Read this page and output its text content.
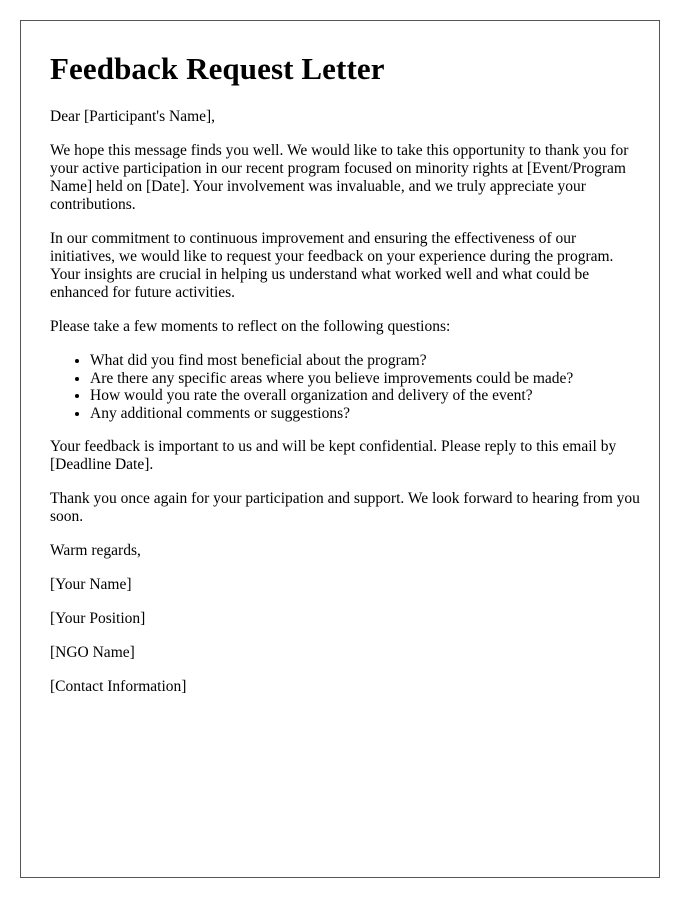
Feedback Request Letter

Dear [Participant's Name],

We hope this message finds you well. We would like to take this opportunity to thank you for your active participation in our recent program focused on minority rights at [Event/Program Name] held on [Date]. Your involvement was invaluable, and we truly appreciate your contributions.

In our commitment to continuous improvement and ensuring the effectiveness of our initiatives, we would like to request your feedback on your experience during the program. Your insights are crucial in helping us understand what worked well and what could be enhanced for future activities.

Please take a few moments to reflect on the following questions:

• What did you find most beneficial about the program?
• Are there any specific areas where you believe improvements could be made?
• How would you rate the overall organization and delivery of the event?
• Any additional comments or suggestions?

Your feedback is important to us and will be kept confidential. Please reply to this email by [Deadline Date].

Thank you once again for your participation and support. We look forward to hearing from you soon.

Warm regards,

[Your Name]

[Your Position]

[NGO Name]

[Contact Information]
